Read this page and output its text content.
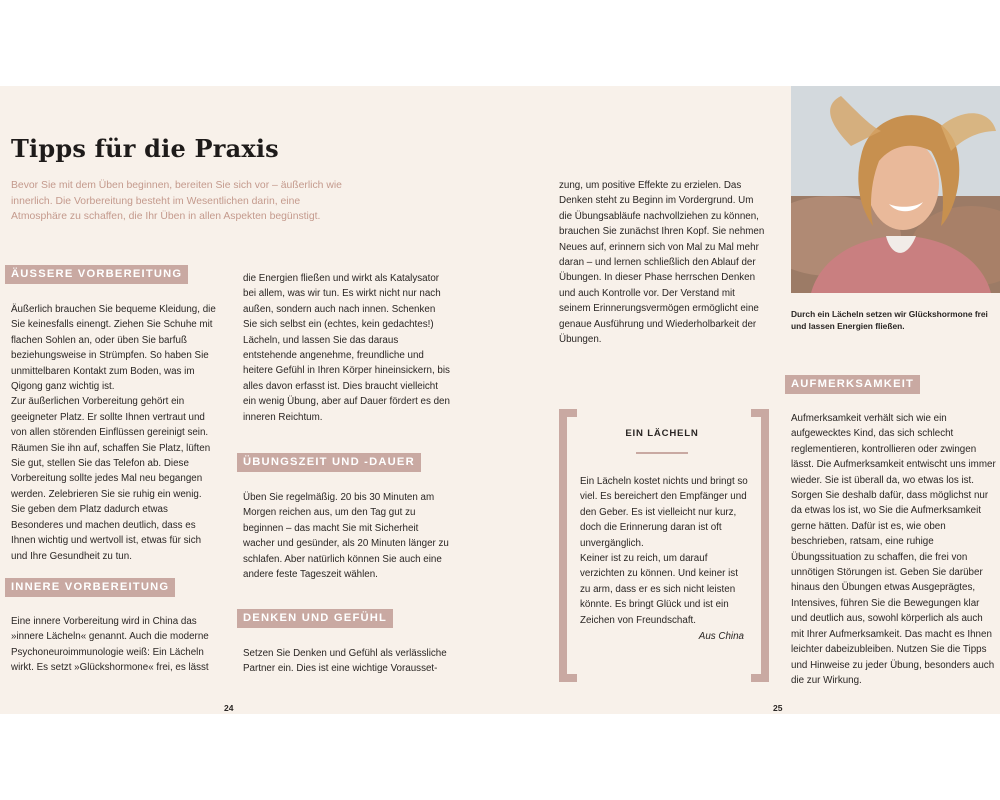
Tipps für die Praxis

Bevor Sie mit dem Üben beginnen, bereiten Sie sich vor – äußerlich wie innerlich. Die Vorbereitung besteht im Wesentlichen darin, eine Atmosphäre zu schaffen, die Ihr Üben in allen Aspekten begünstigt.

ÄUSSERE VORBEREITUNG

Äußerlich brauchen Sie bequeme Kleidung, die Sie keinesfalls einengt. Ziehen Sie Schuhe mit flachen Sohlen an, oder üben Sie barfuß beziehungsweise in Strümpfen. So haben Sie unmittelbaren Kontakt zum Boden, was im Qigong ganz wichtig ist.

Zur äußerlichen Vorbereitung gehört ein geeigneter Platz. Er sollte Ihnen vertraut und von allen störenden Einflüssen gereinigt sein. Räumen Sie ihn auf, schaffen Sie Platz, lüften Sie gut, stellen Sie das Telefon ab. Diese Vorbereitung sollte jedes Mal neu begangen werden. Zelebrieren Sie sie ruhig ein wenig. Sie geben dem Platz dadurch etwas Besonderes und machen deutlich, dass es Ihnen wichtig und wertvoll ist, etwas für sich und Ihre Gesundheit zu tun.

INNERE VORBEREITUNG

Eine innere Vorbereitung wird in China das »innere Lächeln« genannt. Auch die moderne Psychoneuroimmunologie weiß: Ein Lächeln wirkt. Es setzt »Glückshormone« frei, es lässt

die Energien fließen und wirkt als Katalysator bei allem, was wir tun. Es wirkt nicht nur nach außen, sondern auch nach innen. Schenken Sie sich selbst ein (echtes, kein gedachtes!) Lächeln, und lassen Sie das daraus entstehende angenehme, freundliche und heitere Gefühl in Ihren Körper hineinsickern, bis alles davon erfasst ist. Dies braucht vielleicht ein wenig Übung, aber auf Dauer fördert es den inneren Reichtum.

ÜBUNGSZEIT UND -DAUER

Üben Sie regelmäßig. 20 bis 30 Minuten am Morgen reichen aus, um den Tag gut zu beginnen – das macht Sie mit Sicherheit wacher und gesünder, als 20 Minuten länger zu schlafen. Aber natürlich können Sie auch eine andere feste Tageszeit wählen.

DENKEN UND GEFÜHL

Setzen Sie Denken und Gefühl als verlässliche Partner ein. Dies ist eine wichtige Vorausset-

24

zung, um positive Effekte zu erzielen. Das Denken steht zu Beginn im Vordergrund. Um die Übungsabläufe nachvollziehen zu können, brauchen Sie zunächst Ihren Kopf. Sie nehmen Neues auf, erinnern sich von Mal zu Mal mehr daran – und lernen schließlich den Ablauf der Übungen. In dieser Phase herrschen Denken und auch Kontrolle vor. Der Verstand mit seinem Erinnerungsvermögen ermöglicht eine genaue Ausführung und Wiederholbarkeit der Übungen.

EIN LÄCHELN

Ein Lächeln kostet nichts und bringt so viel. Es bereichert den Empfänger und den Geber. Es ist vielleicht nur kurz, doch die Erinnerung daran ist oft unvergänglich.

Keiner ist zu reich, um darauf verzichten zu können. Und keiner ist zu arm, dass er es sich nicht leisten könnte. Es bringt Glück und ist ein Zeichen von Freundschaft.

Aus China
25

Durch ein Lächeln setzen wir Glückshormone frei und lassen Energien fließen.

AUFMERKSAMKEIT

Aufmerksamkeit verhält sich wie ein aufgewecktes Kind, das sich schlecht reglementieren, kontrollieren oder zwingen lässt. Die Aufmerksamkeit entwischt uns immer wieder. Sie ist überall da, wo etwas los ist. Sorgen Sie deshalb dafür, dass möglichst nur da etwas los ist, wo Sie die Aufmerksamkeit gerne hätten. Dafür ist es, wie oben beschrieben, ratsam, eine ruhige Übungssituation zu schaffen, die frei von unnötigen Störungen ist. Geben Sie darüber hinaus den Übungen etwas Ausgeprägtes, Intensives, führen Sie die Bewegungen klar und deutlich aus, sowohl körperlich als auch mit Ihrer Aufmerksamkeit. Das macht es Ihnen leichter dabeizubleiben. Nutzen Sie die Tipps und Hinweise zu jeder Übung, besonders auch die zur Wirkung.
